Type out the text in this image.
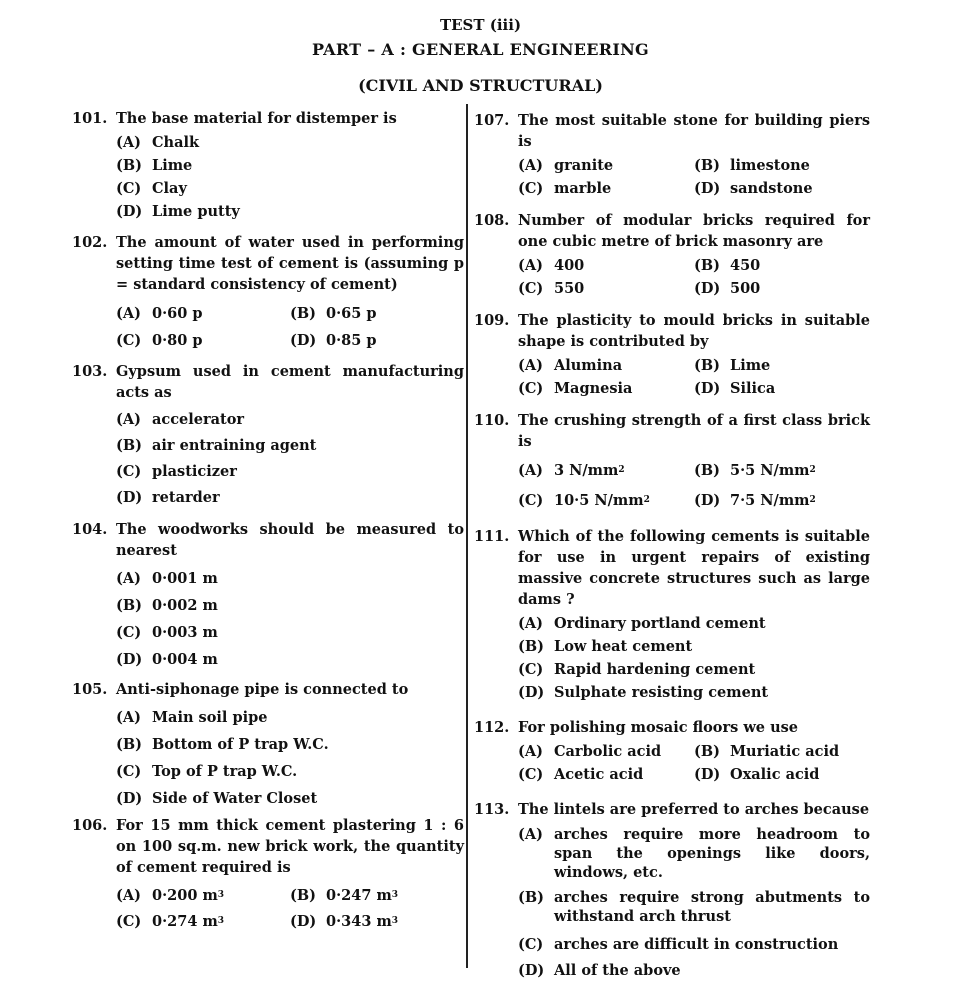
TEST (iii)
PART – A : GENERAL ENGINEERING
(CIVIL AND STRUCTURAL)
101. The base material for distemper is
(A) Chalk
(B) Lime
(C) Clay
(D) Lime putty
102. The amount of water used in performing setting time test of cement is (assuming p = standard consistency of cement)
(A) 0·60 p	(B) 0·65 p
(C) 0·80 p	(D) 0·85 p
103. Gypsum used in cement manufacturing acts as
(A) accelerator
(B) air entraining agent
(C) plasticizer
(D) retarder
104. The woodworks should be measured to nearest
(A) 0·001 m
(B) 0·002 m
(C) 0·003 m
(D) 0·004 m
105. Anti-siphonage pipe is connected to
(A) Main soil pipe
(B) Bottom of P trap W.C.
(C) Top of P trap W.C.
(D) Side of Water Closet
106. For 15 mm thick cement plastering 1 : 6 on 100 sq.m. new brick work, the quantity of cement required is
(A) 0·200 m 3	(B) 0·247 m 3
(C) 0·274 m 3	(D) 0·343 m 3
107. The most suitable stone for building piers is
(A) granite	(B) limestone
(C) marble	(D) sandstone
108. Number of modular bricks required for one cubic metre of brick masonry are
(A) 400	(B) 450
(C) 550	(D) 500
109. The plasticity to mould bricks in suitable shape is contributed by
(A) Alumina	(B) Lime
(C) Magnesia	(D) Silica
110. The crushing strength of a first class brick is
(A) 3 N/mm 2	(B) 5·5 N/mm 2
(C) 10·5 N/mm 2	(D) 7·5 N/mm 2
111. Which of the following cements is suitable for use in urgent repairs of existing massive concrete structures such as large dams ?
(A) Ordinary portland cement
(B) Low heat cement
(C) Rapid hardening cement
(D) Sulphate resisting cement
112. For polishing mosaic floors we use
(A) Carbolic acid (B) Muriatic acid
(C) Acetic acid	(D) Oxalic acid
113. The lintels are preferred to arches because
(A) arches require more headroom to span the openings like doors, windows, etc.
(B) arches require strong abutments to withstand arch thrust
(C) arches are difficult in construction
(D) All of the above
